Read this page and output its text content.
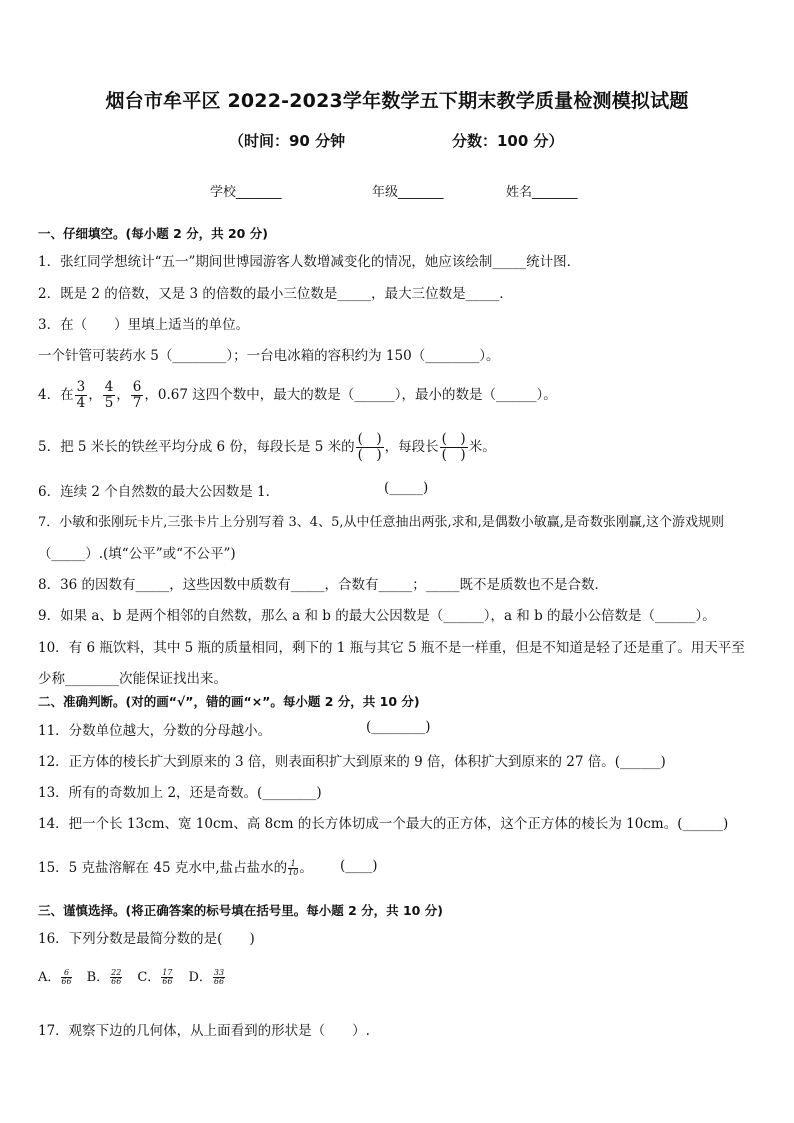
烟台市牟平区 2022-2023学年数学五下期末教学质量检测模拟试题
（时间：90 分钟	分数：100 分）
学校_______	年级_______	姓名_______
一、仔细填空。(每小题 2 分，共 20 分)
1．张红同学想统计“五一”期间世博园游客人数增减变化的情况，她应该绘制_____统计图．
2．既是 2 的倍数，又是 3 的倍数的最小三位数是_____，最大三位数是_____．
3．在（　　）里填上适当的单位。
一个针管可装药水 5（________）；一台电冰箱的容积约为 150（________）。
4．在 $\frac{3}{4}$ ， $\frac{4}{5}$ ， $\frac{6}{7}$ ，0.67 这四个数中，最大的数是（______），最小的数是（______）。
5．把 5 米长的铁丝平均分成 6 份，每段长是 5 米的 $\frac{( )}{( )}$ ，每段长 $\frac{( )}{( )}$ 米。
6．连续 2 个自然数的最大公因数是 1．	(_____)
7．小敏和张刚玩卡片,三张卡片上分别写着 3、4、5,从中任意抽出两张,求和,是偶数小敏赢,是奇数张刚赢,这个游戏规则
（_____）.(填“公平”或“不公平”)
8．36 的因数有_____，这些因数中质数有_____，合数有_____；_____既不是质数也不是合数．
9．如果 a、b 是两个相邻的自然数，那么 a 和 b 的最大公因数是（______），a 和 b 的最小公倍数是（______）。
10．有 6 瓶饮料，其中 5 瓶的质量相同，剩下的 1 瓶与其它 5 瓶不是一样重，但是不知道是轻了还是重了。用天平至
少称________次能保证找出来。
二、准确判断。(对的画“√”，错的画“×”。每小题 2 分，共 10 分)
11．分数单位越大，分数的分母越小。	(________)
12．正方体的棱长扩大到原来的 3 倍，则表面积扩大到原来的 9 倍，体积扩大到原来的 27 倍。(______)
13．所有的奇数加上 2，还是奇数。(________)
14．把一个长 13cm、宽 10cm、高 8cm 的长方体切成一个最大的正方体，这个正方体的棱长为 10cm。(______)
15．5 克盐溶解在 45 克水中,盐占盐水的 $\frac{1}{10}$ 。 (____)
三、谨慎选择。(将正确答案的标号填在括号里。每小题 2 分，共 10 分)
16．下列分数是最简分数的是(　　)
A． $\frac{6}{66}$ B． $\frac{22}{66}$ C． $\frac{17}{66}$ D． $\frac{33}{66}$
17．观察下边的几何体，从上面看到的形状是（　　）.
